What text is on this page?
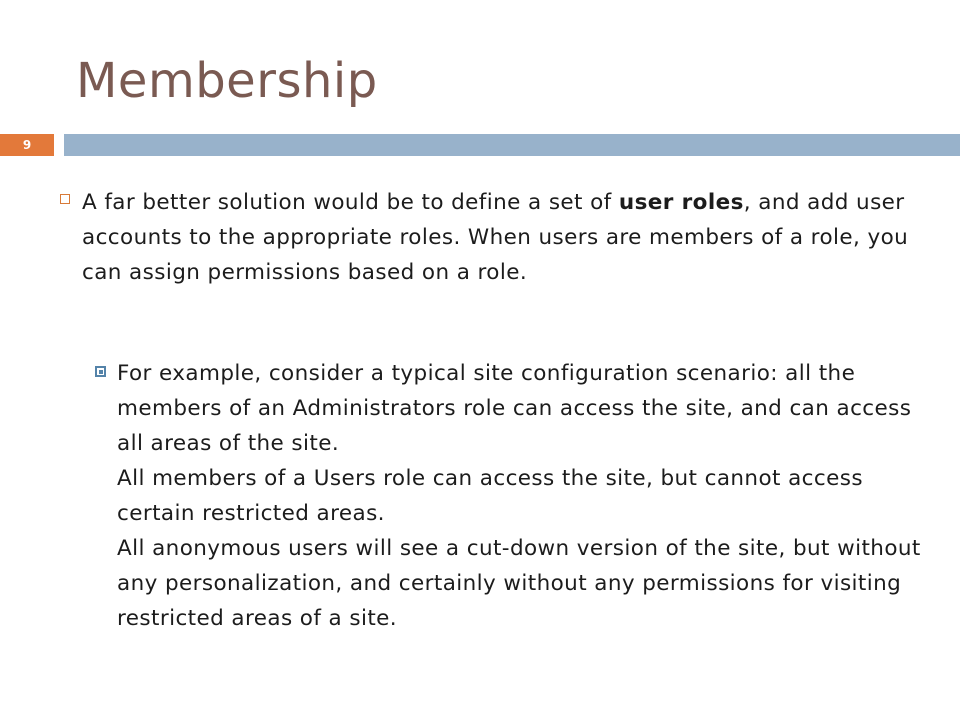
Membership
9
A far better solution would be to define a set of user roles, and add user accounts to the appropriate roles. When users are members of a role, you can assign permissions based on a role.
For example, consider a typical site configuration scenario: all the members of an Administrators role can access the site, and can access all areas of the site.
All members of a Users role can access the site, but cannot access certain restricted areas.
All anonymous users will see a cut-down version of the site, but without any personalization, and certainly without any permissions for visiting restricted areas of a site.
